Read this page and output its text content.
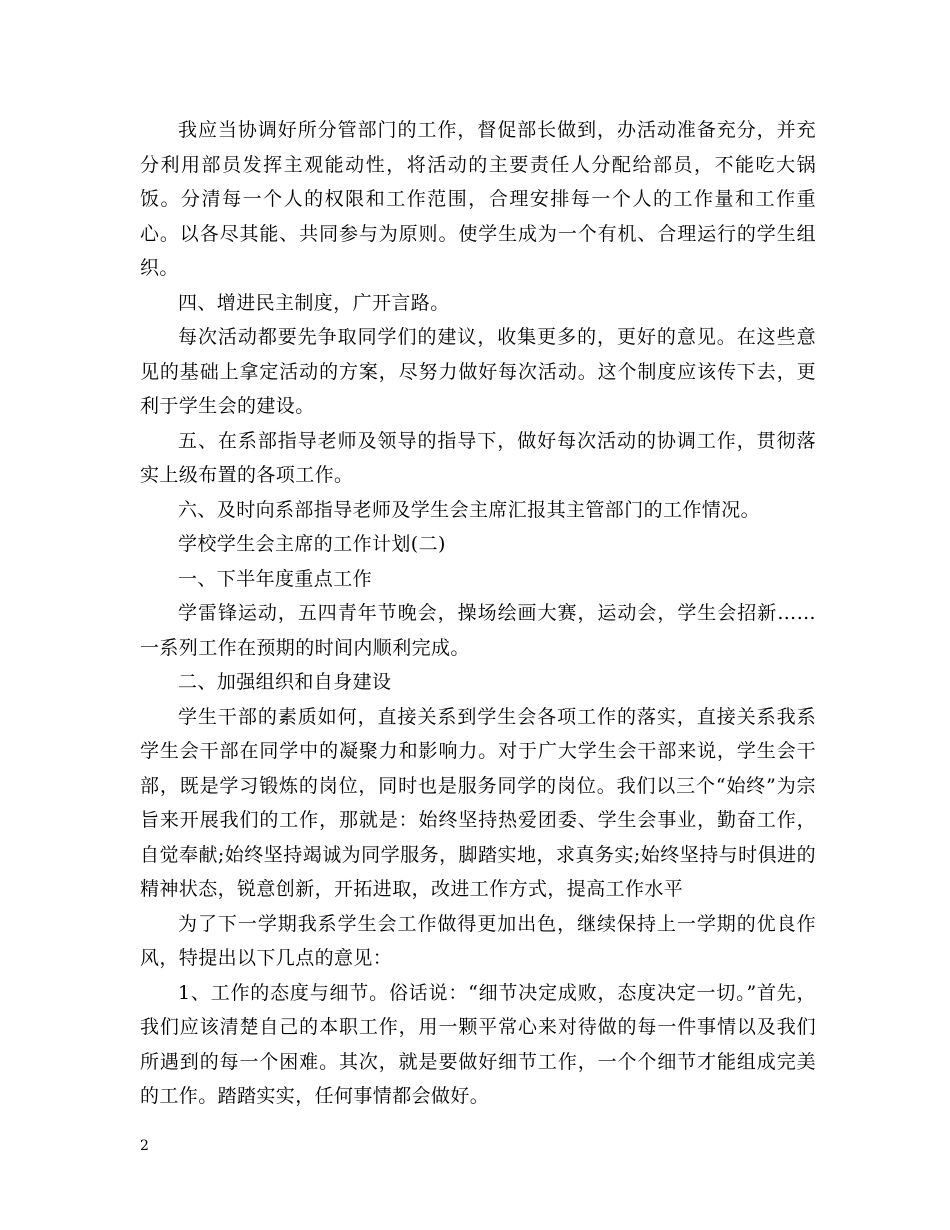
我应当协调好所分管部门的工作，督促部长做到，办活动准备充分，并充分利用部员发挥主观能动性，将活动的主要责任人分配给部员，不能吃大锅饭。分清每一个人的权限和工作范围，合理安排每一个人的工作量和工作重心。以各尽其能、共同参与为原则。使学生成为一个有机、合理运行的学生组织。

四、增进民主制度，广开言路。

每次活动都要先争取同学们的建议，收集更多的，更好的意见。在这些意见的基础上拿定活动的方案，尽努力做好每次活动。这个制度应该传下去，更利于学生会的建设。

五、在系部指导老师及领导的指导下，做好每次活动的协调工作，贯彻落实上级布置的各项工作。

六、及时向系部指导老师及学生会主席汇报其主管部门的工作情况。

学校学生会主席的工作计划(二)

一、下半年度重点工作

学雷锋运动，五四青年节晚会，操场绘画大赛，运动会，学生会招新……一系列工作在预期的时间内顺利完成。

二、加强组织和自身建设

学生干部的素质如何，直接关系到学生会各项工作的落实，直接关系我系学生会干部在同学中的凝聚力和影响力。对于广大学生会干部来说，学生会干部，既是学习锻炼的岗位，同时也是服务同学的岗位。我们以三个“始终”为宗旨来开展我们的工作，那就是：始终坚持热爱团委、学生会事业，勤奋工作，自觉奉献;始终坚持竭诚为同学服务，脚踏实地，求真务实;始终坚持与时俱进的精神状态，锐意创新，开拓进取，改进工作方式，提高工作水平

为了下一学期我系学生会工作做得更加出色，继续保持上一学期的优良作风，特提出以下几点的意见：

1、工作的态度与细节。俗话说：“细节决定成败，态度决定一切。”首先，我们应该清楚自己的本职工作，用一颗平常心来对待做的每一件事情以及我们所遇到的每一个困难。其次，就是要做好细节工作，一个个细节才能组成完美的工作。踏踏实实，任何事情都会做好。

2
